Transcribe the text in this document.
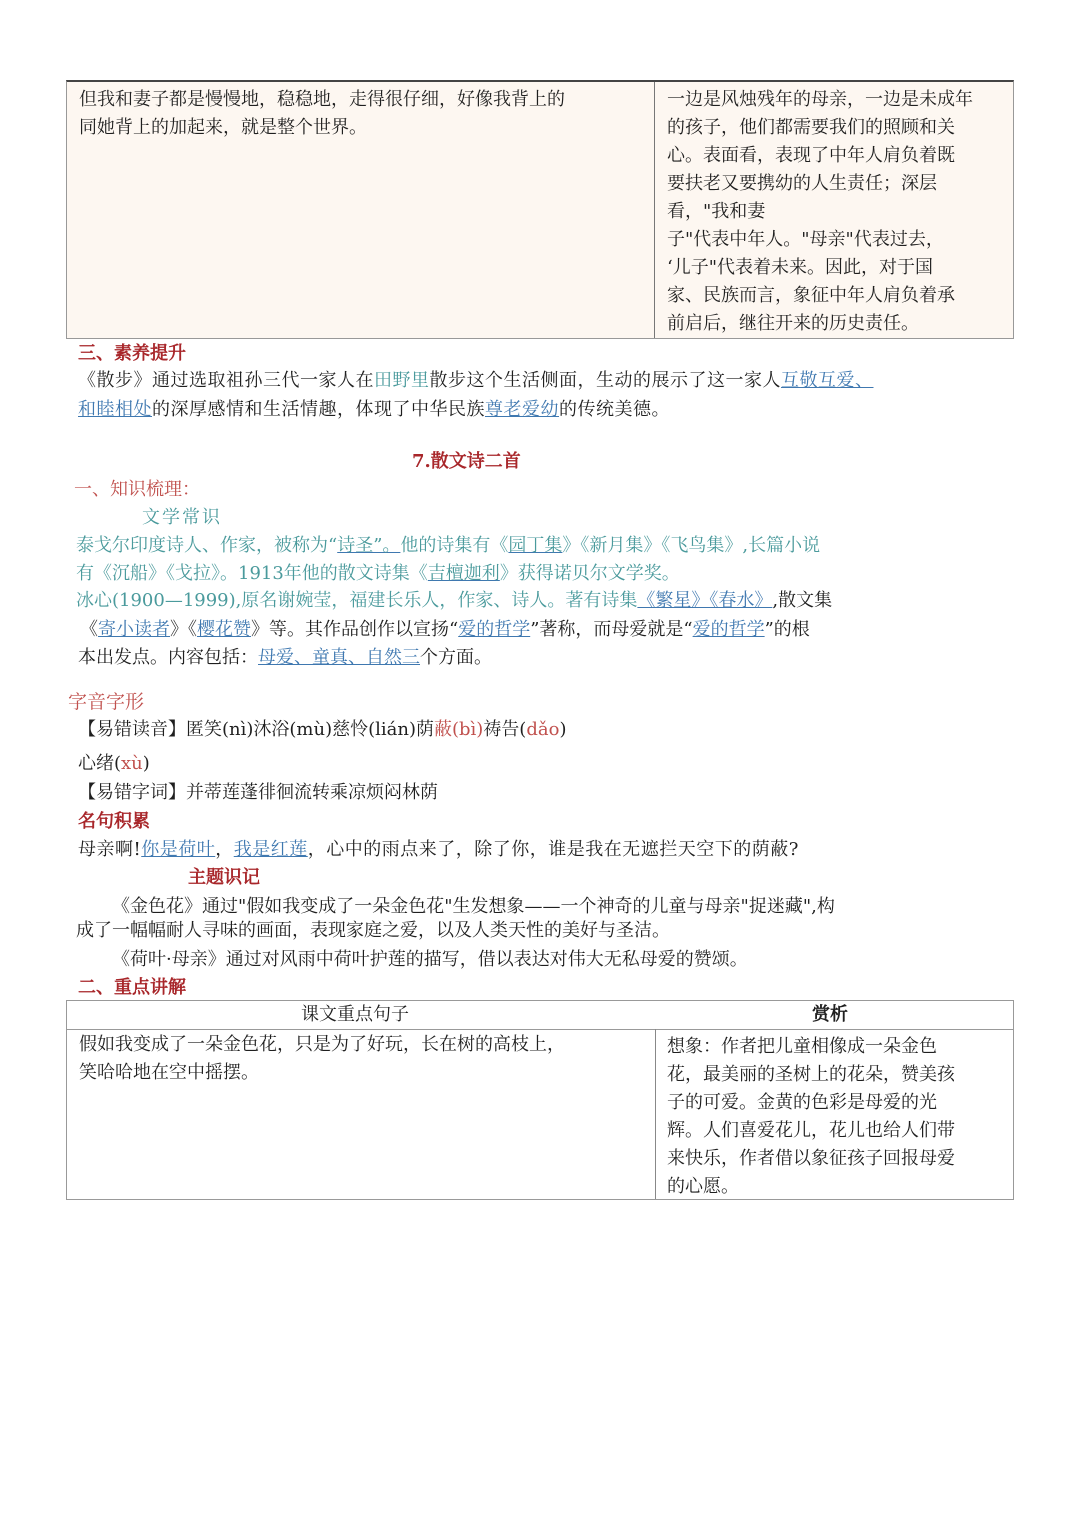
但我和妻子都是慢慢地，稳稳地，走得很仔细，好像我背上的
同她背上的加起来，就是整个世界。
一边是风烛残年的母亲，一边是未成年
的孩子，他们都需要我们的照顾和关
心。表面看，表现了中年人肩负着既
要扶老又要携幼的人生责任；深层
看，"我和妻
子"代表中年人。"母亲"代表过去，
‘儿子"代表着未来。因此，对于国
家、民族而言，象征中年人肩负着承
前启后，继往开来的历史责任。
三、素养提升
《散步》通过选取祖孙三代一家人在田野里散步这个生活侧面，生动的展示了这一家人互敬互爱、
和睦相处的深厚感情和生活情趣，体现了中华民族尊老爱幼的传统美德。
7.散文诗二首
一、知识梳理：
文学常识
泰戈尔印度诗人、作家，被称为“诗圣”。他的诗集有《园丁集》《新月集》《飞鸟集》,长篇小说
有《沉船》《戈拉》。1913年他的散文诗集《吉檀迦利》获得诺贝尔文学奖。
冰心(1900—1999),原名谢婉莹，福建长乐人，作家、诗人。著有诗集《繁星》《春水》,散文集
《寄小读者》《樱花赞》等。其作品创作以宣扬“爱的哲学”著称，而母爱就是“爱的哲学”的根
本出发点。内容包括：母爱、童真、自然三个方面。
字音字形
【易错读音】匿笑(nì)沐浴(mù)慈怜(lián)荫蔽(bì)祷告(dǎo)
心绪(xù)
【易错字词】并蒂莲蓬徘徊流转乘凉烦闷林荫
名句积累
母亲啊!你是荷叶，我是红莲，心中的雨点来了，除了你，谁是我在无遮拦天空下的荫蔽?
主题识记
《金色花》通过"假如我变成了一朵金色花"生发想象——一个神奇的儿童与母亲"捉迷藏",构
成了一幅幅耐人寻味的画面，表现家庭之爱，以及人类天性的美好与圣洁。
《荷叶·母亲》通过对风雨中荷叶护莲的描写，借以表达对伟大无私母爱的赞颂。
二、重点讲解
课文重点句子	赏析
假如我变成了一朵金色花，只是为了好玩，长在树的高枝上，
笑哈哈地在空中摇摆。
想象：作者把儿童相像成一朵金色
花，最美丽的圣树上的花朵，赞美孩
子的可爱。金黄的色彩是母爱的光
辉。人们喜爱花儿，花儿也给人们带
来快乐，作者借以象征孩子回报母爱
的心愿。
